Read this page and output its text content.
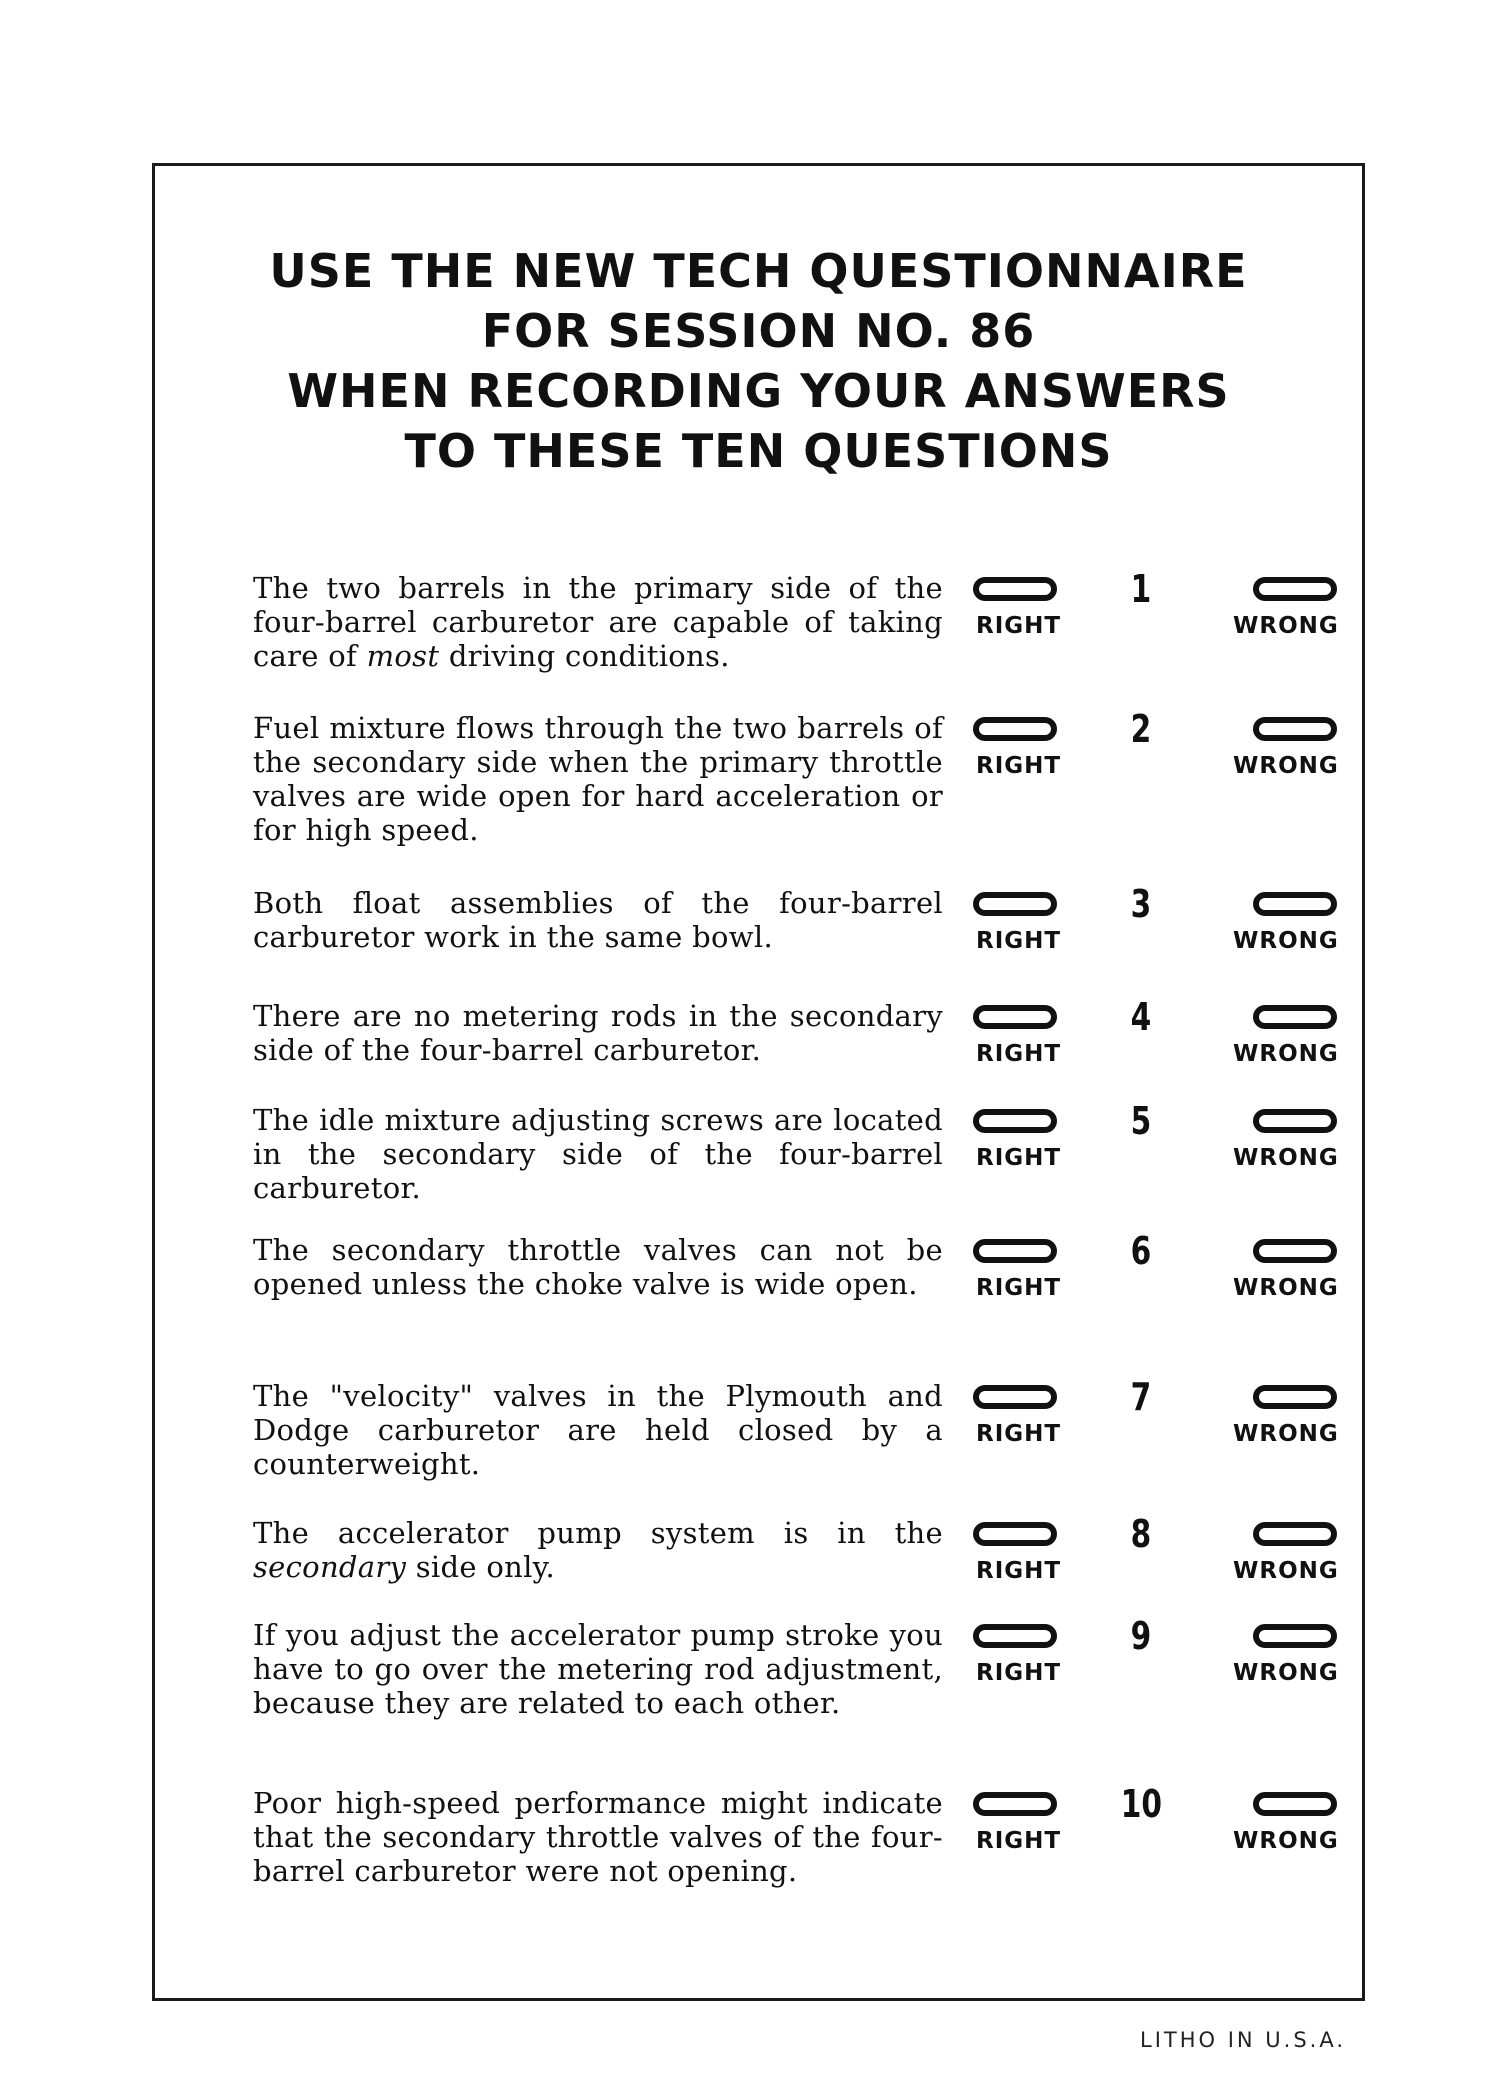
USE THE NEW TECH QUESTIONNAIRE
FOR SESSION NO. 86
WHEN RECORDING YOUR ANSWERS
TO THESE TEN QUESTIONS
The two barrels in the primary side of the four-barrel carburetor are capable of taking care of most driving conditions.
1
RIGHT	WRONG
Fuel mixture flows through the two barrels of the secondary side when the primary throttle valves are wide open for hard acceleration or for high speed.
2
RIGHT	WRONG
Both float assemblies of the four-barrel carburetor work in the same bowl.
3
RIGHT	WRONG
There are no metering rods in the secondary side of the four-barrel carburetor.
4
RIGHT	WRONG
The idle mixture adjusting screws are located in the secondary side of the four-barrel carburetor.
5
RIGHT	WRONG
The secondary throttle valves can not be opened unless the choke valve is wide open.
6
RIGHT	WRONG
The "velocity" valves in the Plymouth and Dodge carburetor are held closed by a counterweight.
7
RIGHT	WRONG
The accelerator pump system is in the secondary side only.
8
RIGHT	WRONG
If you adjust the accelerator pump stroke you have to go over the metering rod adjustment, because they are related to each other.
9
RIGHT	WRONG
Poor high-speed performance might indicate that the secondary throttle valves of the four-barrel carburetor were not opening.
10
RIGHT	WRONG
LITHO IN U.S.A.
